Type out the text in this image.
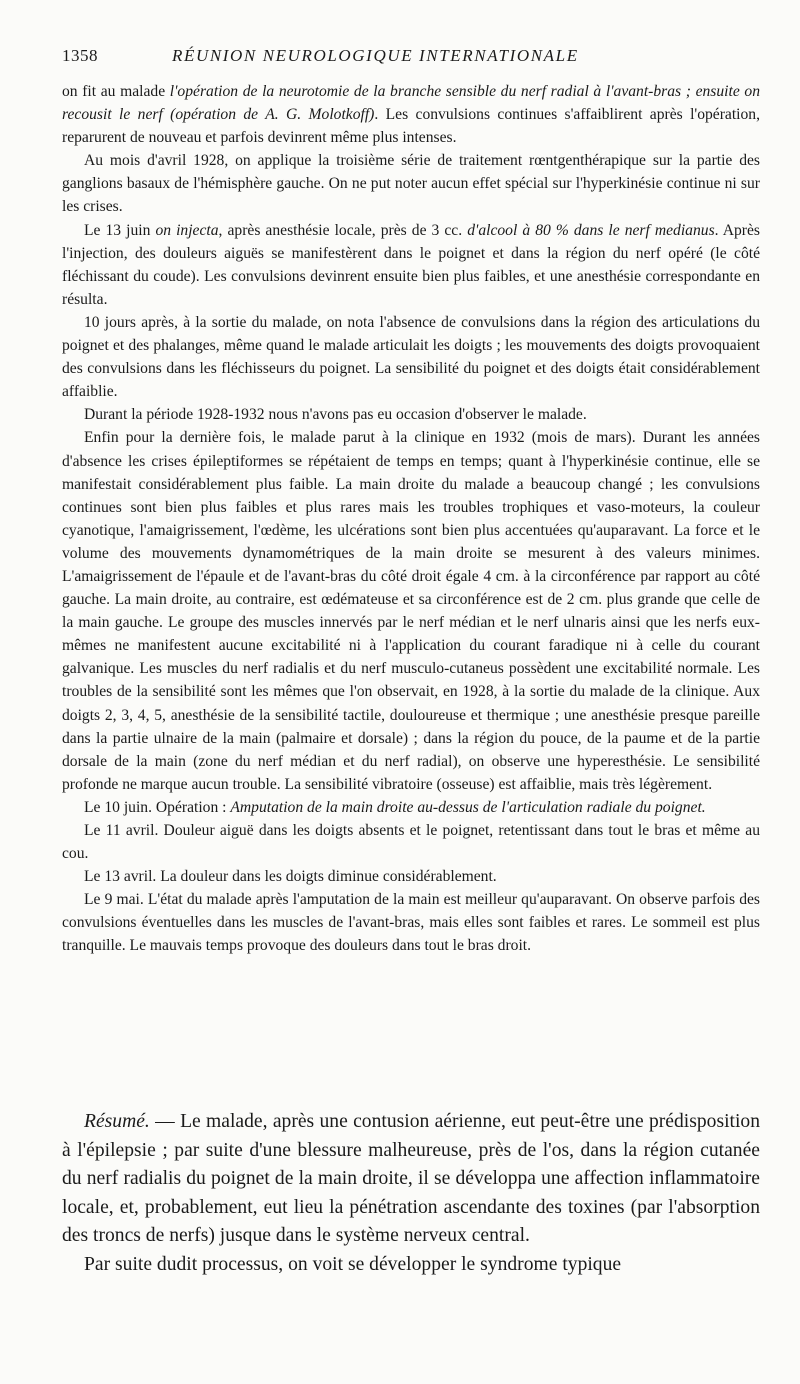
1358	RÉUNION NEUROLOGIQUE INTERNATIONALE

on fit au malade l'opération de la neurotomie de la branche sensible du nerf radial à l'avant-bras ; ensuite on recousit le nerf (opération de A. G. Molotkoff). Les convulsions continues s'affaiblirent après l'opération, reparurent de nouveau et parfois devinrent même plus intenses.

Au mois d'avril 1928, on applique la troisième série de traitement rœntgenthérapique sur la partie des ganglions basaux de l'hémisphère gauche. On ne put noter aucun effet spécial sur l'hyperkinésie continue ni sur les crises.

Le 13 juin on injecta, après anesthésie locale, près de 3 cc. d'alcool à 80 % dans le nerf medianus. Après l'injection, des douleurs aiguës se manifestèrent dans le poignet et dans la région du nerf opéré (le côté fléchissant du coude). Les convulsions devinrent ensuite bien plus faibles, et une anesthésie correspondante en résulta.

10 jours après, à la sortie du malade, on nota l'absence de convulsions dans la région des articulations du poignet et des phalanges, même quand le malade articulait les doigts ; les mouvements des doigts provoquaient des convulsions dans les fléchisseurs du poignet. La sensibilité du poignet et des doigts était considérablement affaiblie.

Durant la période 1928-1932 nous n'avons pas eu occasion d'observer le malade.

Enfin pour la dernière fois, le malade parut à la clinique en 1932 (mois de mars). Durant les années d'absence les crises épileptiformes se répétaient de temps en temps; quant à l'hyperkinésie continue, elle se manifestait considérablement plus faible. La main droite du malade a beaucoup changé ; les convulsions continues sont bien plus faibles et plus rares mais les troubles trophiques et vaso-moteurs, la couleur cyanotique, l'amaigrissement, l'œdème, les ulcérations sont bien plus accentuées qu'auparavant. La force et le volume des mouvements dynamométriques de la main droite se mesurent à des valeurs minimes. L'amaigrissement de l'épaule et de l'avant-bras du côté droit égale 4 cm. à la circonférence par rapport au côté gauche. La main droite, au contraire, est œdémateuse et sa circonférence est de 2 cm. plus grande que celle de la main gauche. Le groupe des muscles innervés par le nerf médian et le nerf ulnaris ainsi que les nerfs eux-mêmes ne manifestent aucune excitabilité ni à l'application du courant faradique ni à celle du courant galvanique. Les muscles du nerf radialis et du nerf musculo-cutaneus possèdent une excitabilité normale. Les troubles de la sensibilité sont les mêmes que l'on observait, en 1928, à la sortie du malade de la clinique. Aux doigts 2, 3, 4, 5, anesthésie de la sensibilité tactile, douloureuse et thermique ; une anesthésie presque pareille dans la partie ulnaire de la main (palmaire et dorsale) ; dans la région du pouce, de la paume et de la partie dorsale de la main (zone du nerf médian et du nerf radial), on observe une hyperesthésie. Le sensibilité profonde ne marque aucun trouble. La sensibilité vibratoire (osseuse) est affaiblie, mais très légèrement.

Le 10 juin. Opération : Amputation de la main droite au-dessus de l'articulation radiale du poignet.

Le 11 avril. Douleur aiguë dans les doigts absents et le poignet, retentissant dans tout le bras et même au cou.

Le 13 avril. La douleur dans les doigts diminue considérablement.

Le 9 mai. L'état du malade après l'amputation de la main est meilleur qu'auparavant. On observe parfois des convulsions éventuelles dans les muscles de l'avant-bras, mais elles sont faibles et rares. Le sommeil est plus tranquille. Le mauvais temps provoque des douleurs dans tout le bras droit.

Résumé. — Le malade, après une contusion aérienne, eut peut-être une prédisposition à l'épilepsie ; par suite d'une blessure malheureuse, près de l'os, dans la région cutanée du nerf radialis du poignet de la main droite, il se développa une affection inflammatoire locale, et, probablement, eut lieu la pénétration ascendante des toxines (par l'absorption des troncs de nerfs) jusque dans le système nerveux central.

Par suite dudit processus, on voit se développer le syndrome typique
